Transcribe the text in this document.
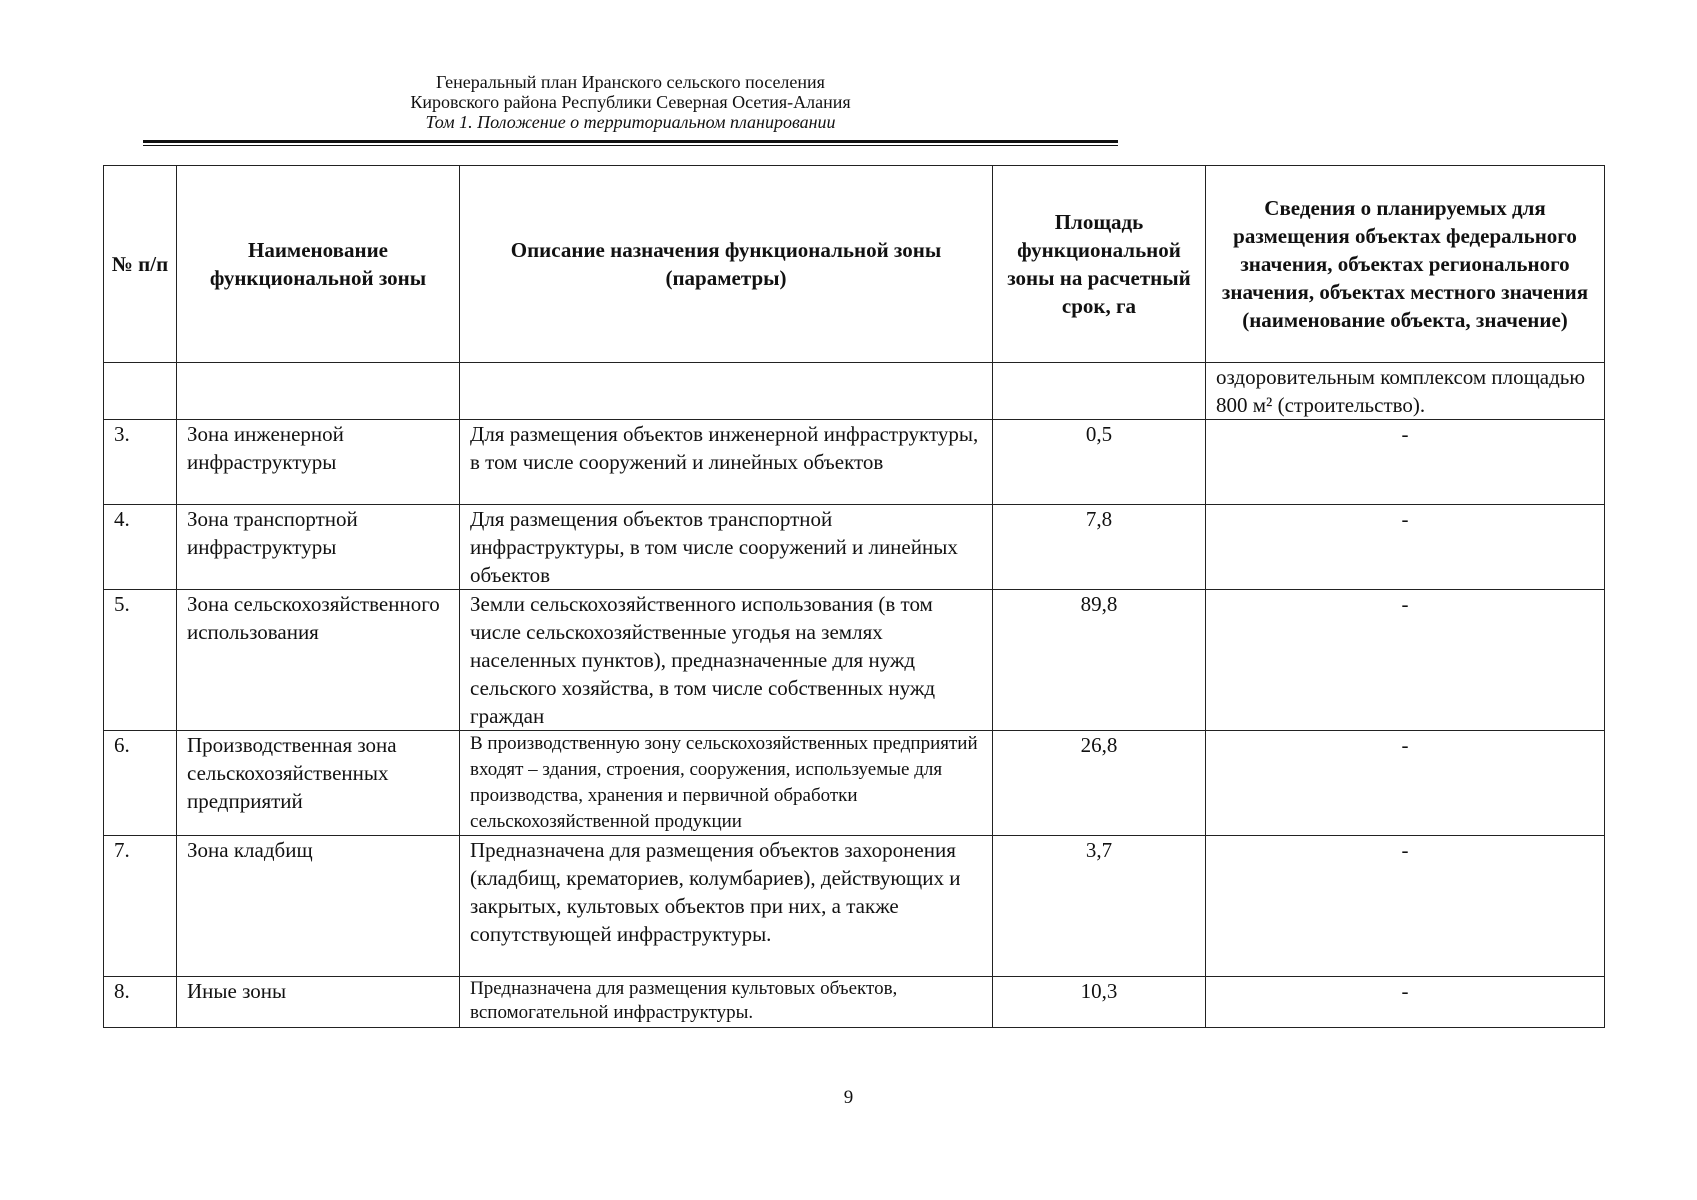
Генеральный план Иранского сельского поселения
Кировского района Республики Северная Осетия-Алания
Том 1. Положение о территориальном планировании
№ п/п	Наименование функциональной зоны	Описание назначения функциональной зоны (параметры)	Площадь функциональной зоны на расчетный срок, га	Сведения о планируемых для размещения объектах федерального значения, объектах регионального значения, объектах местного значения (наименование объекта, значение)
				оздоровительным комплексом площадью 800 м² (строительство).
3.	Зона инженерной инфраструктуры	Для размещения объектов инженерной инфраструктуры, в том числе сооружений и линейных объектов	0,5	-
4.	Зона транспортной инфраструктуры	Для размещения объектов транспортной инфраструктуры, в том числе сооружений и линейных объектов	7,8	-
5.	Зона сельскохозяйственного использования	Земли сельскохозяйственного использования (в том числе сельскохозяйственные угодья на землях населенных пунктов), предназначенные для нужд сельского хозяйства, в том числе собственных нужд граждан	89,8	-
6.	Производственная зона сельскохозяйственных предприятий	В производственную зону сельскохозяйственных предприятий входят – здания, строения, сооружения, используемые для производства, хранения и первичной обработки сельскохозяйственной продукции	26,8	-
7.	Зона кладбищ	Предназначена для размещения объектов захоронения (кладбищ, крематориев, колумбариев), действующих и закрытых, культовых объектов при них, а также сопутствующей инфраструктуры.	3,7	-
8.	Иные зоны	Предназначена для размещения культовых объектов, вспомогательной инфраструктуры.	10,3	-
9
